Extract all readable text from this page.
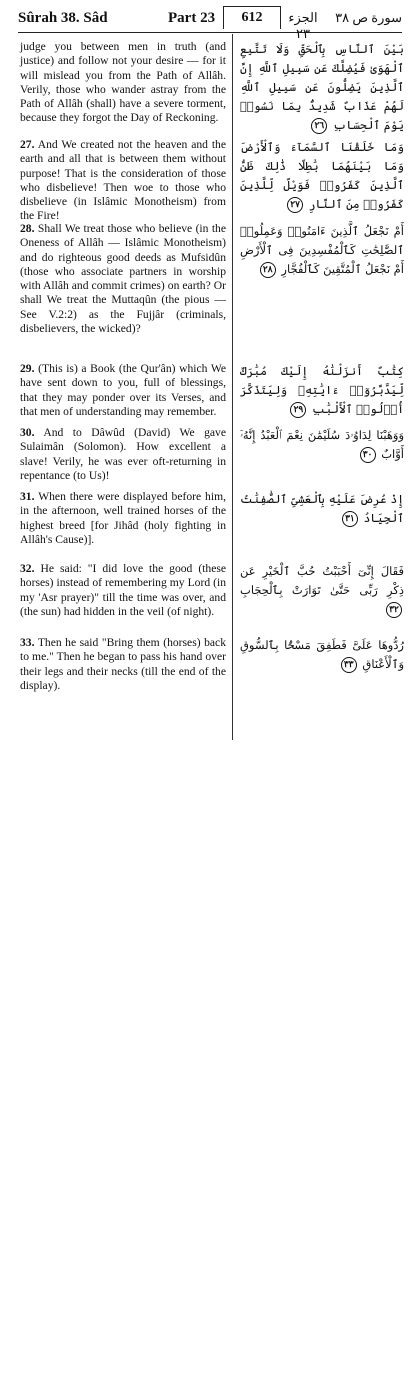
Sûrah 38. Sâd	Part 23	612	الجزء ٢٣
سورة ص ٣٨
judge you between men in truth (and justice) and follow not your desire — for it will mislead you from the Path of Allâh. Verily, those who wander astray from the Path of Allâh (shall) have a severe torment, because they forgot the Day of Reckoning.
27. And We created not the heaven and the earth and all that is between them without purpose! That is the consideration of those who disbelieve! Then woe to those who disbelieve (in Islâmic Monotheism) from the Fire!
28. Shall We treat those who believe (in the Oneness of Allâh — Islâmic Monotheism) and do righteous good deeds as Mufsidûn (those who associate partners in worship with Allâh and commit crimes) on earth? Or shall We treat the Muttaqûn (the pious — See V.2:2) as the Fujjâr (criminals, disbelievers, the wicked)?
29. (This is) a Book (the Qur'ân) which We have sent down to you, full of blessings, that they may ponder over its Verses, and that men of understanding may remember.
30. And to Dâwûd (David) We gave Sulaimân (Solomon). How excellent a slave! Verily, he was ever oft-returning in repentance (to Us)!
31. When there were displayed before him, in the afternoon, well trained horses of the highest breed [for Jihâd (holy fighting in Allâh's Cause)].
32. He said: "I did love the good (these horses) instead of remembering my Lord (in my 'Asr prayer)" till the time was over, and (the sun) had hidden in the veil (of night).
33. Then he said "Bring them (horses) back to me." Then he began to pass his hand over their legs and their necks (till the end of the display).
بَيْنَ ٱلنَّاسِ بِٱلْحَقِّ وَلَا تَتَّبِعِ ٱلْهَوَىٰ فَيُضِلَّكَ عَن سَبِيلِ ٱللَّهِ إِنَّ ٱلَّذِينَ يَضِلُّونَ عَن سَبِيلِ ٱللَّهِ لَهُمْ عَذَابٌ شَدِيدٌۢ بِمَا نَسُوا۟ يَوْمَ ٱلْحِسَابِ ٢٦
وَمَا خَلَقْنَا ٱلسَّمَآءَ وَٱلْأَرْضَ وَمَا بَيْنَهُمَا بَٰطِلًا ذَٰلِكَ ظَنُّ ٱلَّذِينَ كَفَرُوا۟ فَوَيْلٌ لِّلَّذِينَ كَفَرُوا۟ مِنَ ٱلنَّارِ ٢٧
أَمْ نَجْعَلُ ٱلَّذِينَ ءَامَنُوا۟ وَعَمِلُوا۟ ٱلصَّٰلِحَٰتِ كَٱلْمُفْسِدِينَ فِى ٱلْأَرْضِ أَمْ نَجْعَلُ ٱلْمُتَّقِينَ كَٱلْفُجَّارِ ٢٨
كِتَٰبٌ أَنزَلْنَٰهُ إِلَيْكَ مُبَٰرَكٌ لِّيَدَّبَّرُوٓا۟ ءَايَٰتِهِۦ وَلِيَتَذَكَّرَ أُو۟لُوا۟ ٱلْأَلْبَٰبِ ٢٩
وَوَهَبْنَا لِدَاوُۥدَ سُلَيْمَٰنَ نِعْمَ ٱلْعَبْدُ إِنَّهُۥٓ أَوَّابٌ ٣٠
إِذْ عُرِضَ عَلَيْهِ بِٱلْعَشِىِّ ٱلصَّٰفِنَٰتُ ٱلْجِيَادُ ٣١
فَقَالَ إِنِّىٓ أَحْبَبْتُ حُبَّ ٱلْخَيْرِ عَن ذِكْرِ رَبِّى حَتَّىٰ تَوَارَتْ بِٱلْحِجَابِ ٣٢
رُدُّوهَا عَلَىَّ فَطَفِقَ مَسْحًۢا بِٱلسُّوقِ وَٱلْأَعْنَاقِ ٣٣
